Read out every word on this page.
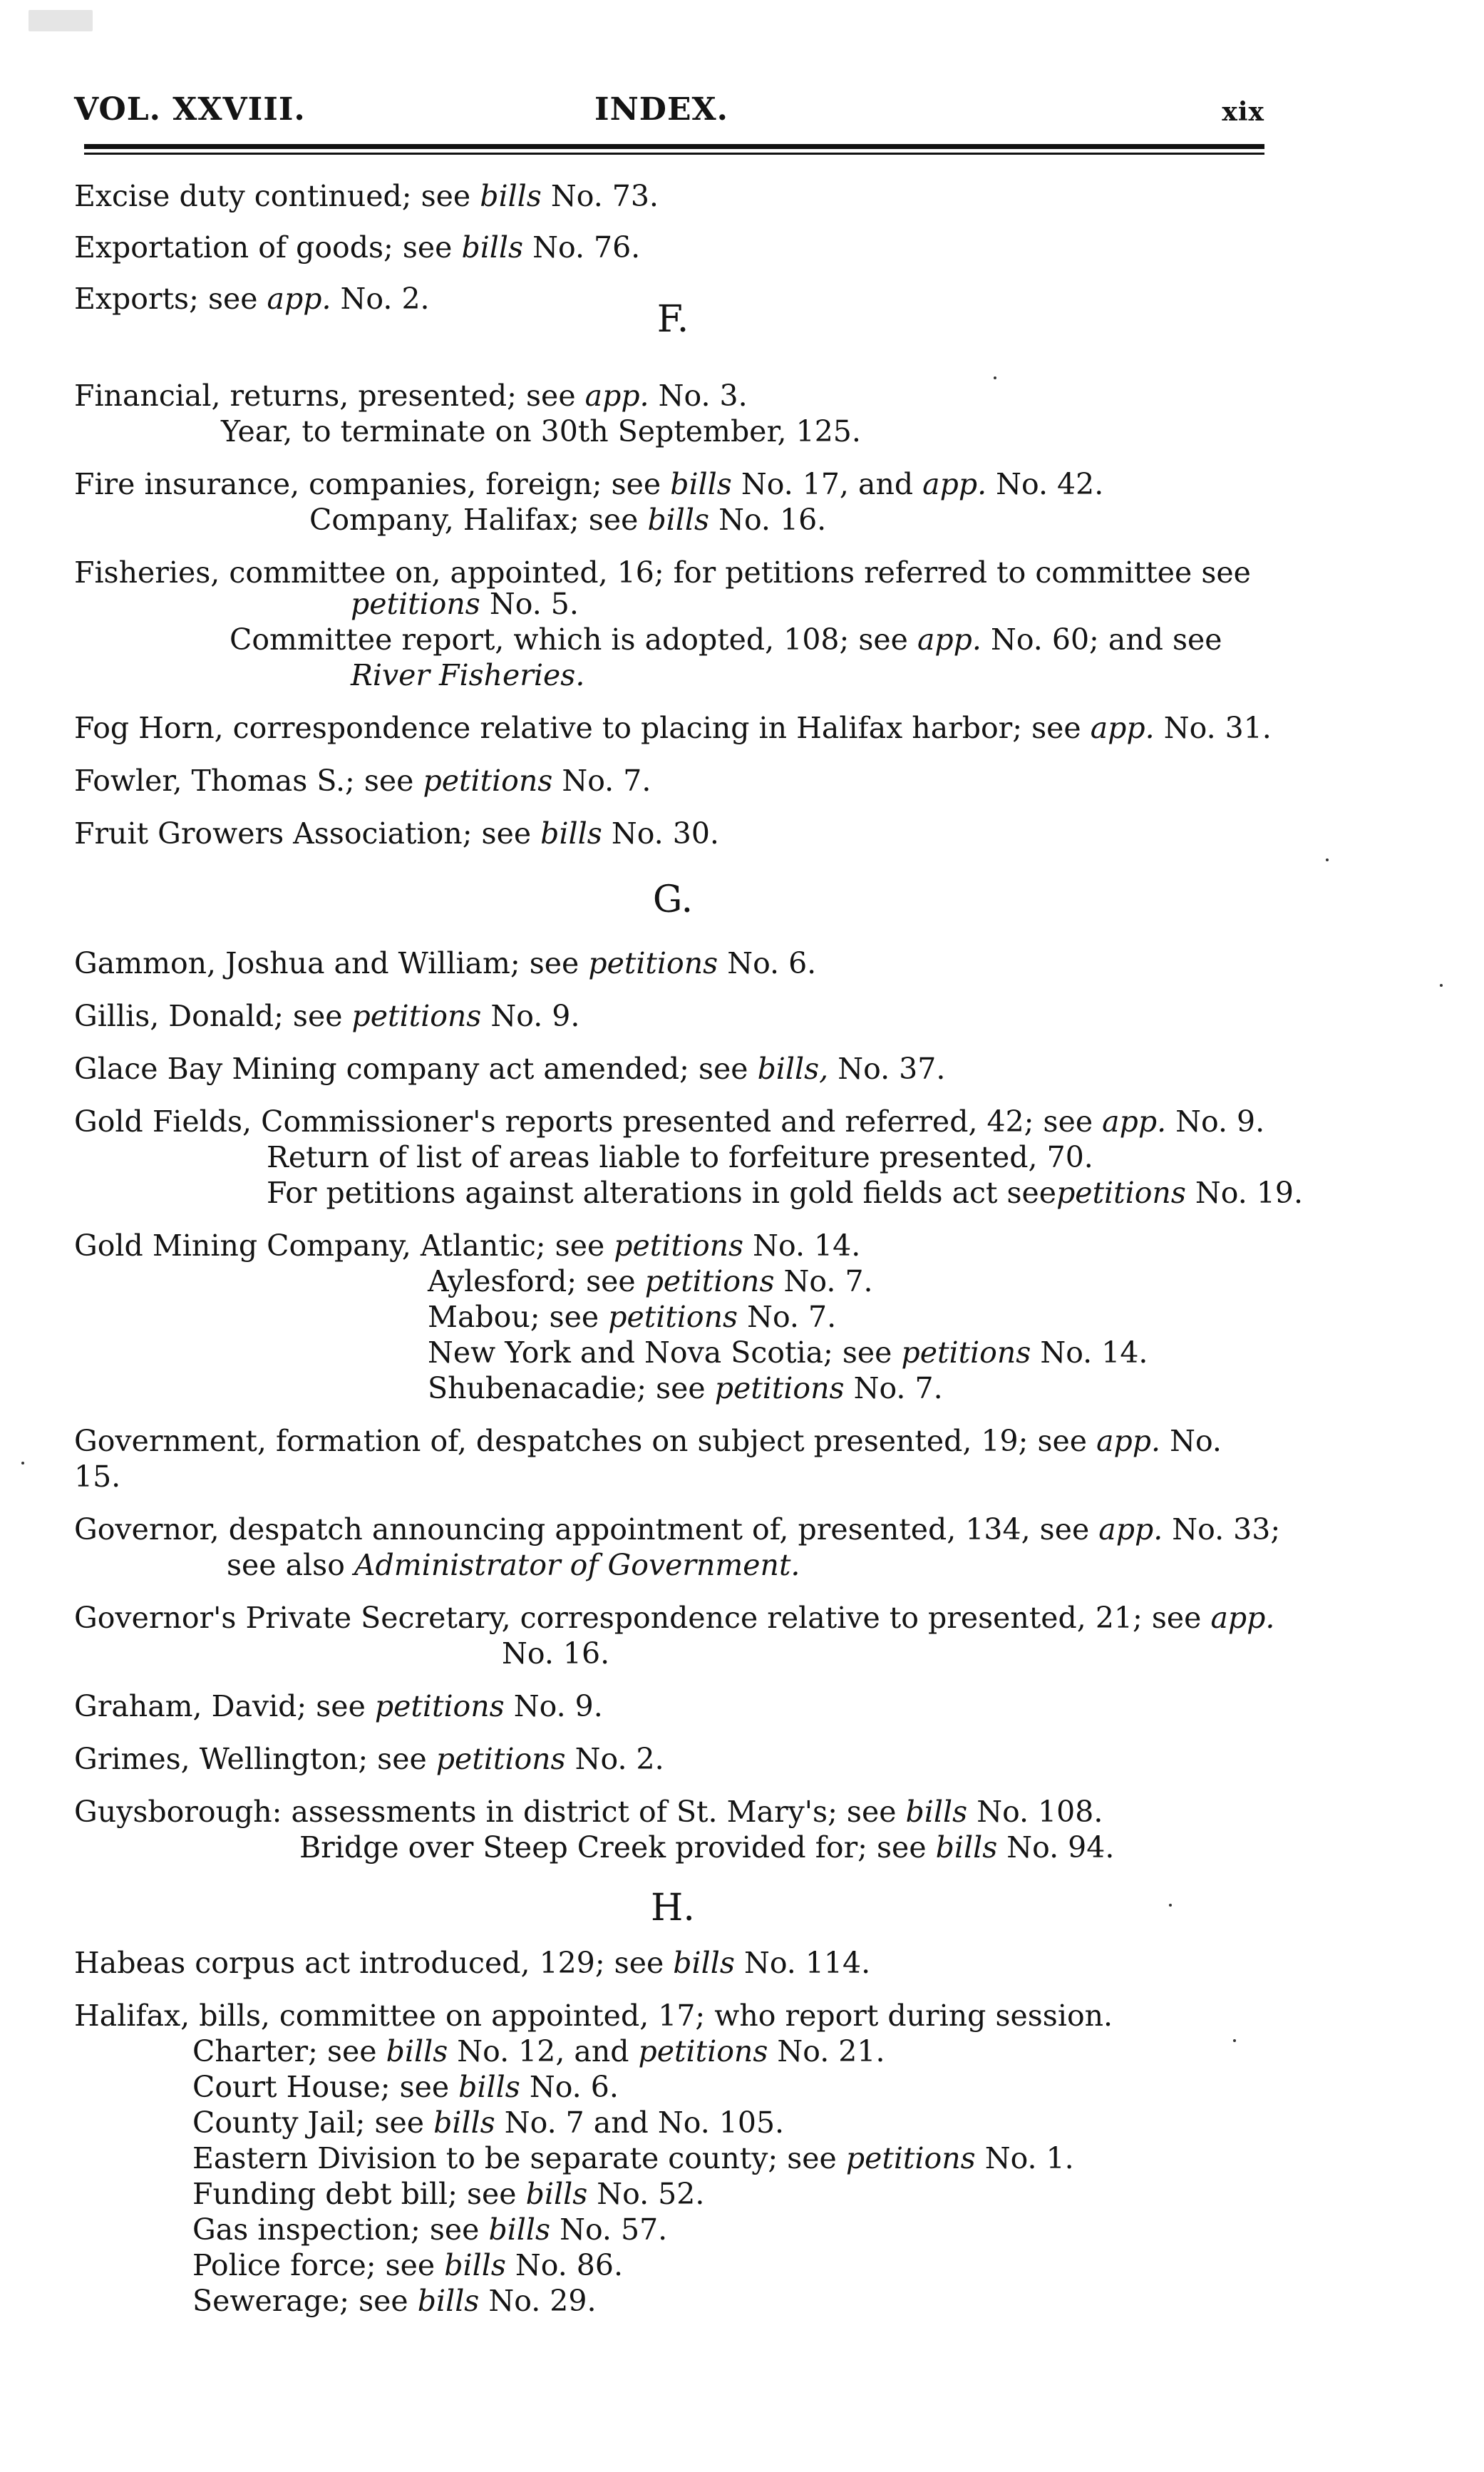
VOL. XXVIII.	INDEX.	xix
Excise duty continued; see bills No. 73.
Exportation of goods; see bills No. 76.
Exports; see app. No. 2.	F.
Financial, returns, presented; see app. No. 3.
Year, to terminate on 30th September, 125.
Fire insurance, companies, foreign; see bills No. 17, and app. No. 42.
Company, Halifax; see bills No. 16.
Fisheries, committee on, appointed, 16; for petitions referred to committee see
petitions No. 5.
Committee report, which is adopted, 108; see app. No. 60; and see
River Fisheries.
Fog Horn, correspondence relative to placing in Halifax harbor; see app. No. 31.
Fowler, Thomas S.; see petitions No. 7.
Fruit Growers Association; see bills No. 30.
G.
Gammon, Joshua and William; see petitions No. 6.
Gillis, Donald; see petitions No. 9.
Glace Bay Mining company act amended; see bills, No. 37.
Gold Fields, Commissioner's reports presented and referred, 42; see app. No. 9.
Return of list of areas liable to forfeiture presented, 70.
For petitions against alterations in gold fields act seepetitions No. 19.
Gold Mining Company, Atlantic; see petitions No. 14.
Aylesford; see petitions No. 7.
Mabou; see petitions No. 7.
New York and Nova Scotia; see petitions No. 14.
Shubenacadie; see petitions No. 7.
Government, formation of, despatches on subject presented, 19; see app. No. 15.
Governor, despatch announcing appointment of, presented, 134, see app. No. 33;
see also Administrator of Government.
Governor's Private Secretary, correspondence relative to presented, 21; see app.
No. 16.
Graham, David; see petitions No. 9.
Grimes, Wellington; see petitions No. 2.
Guysborough: assessments in district of St. Mary's; see bills No. 108.
Bridge over Steep Creek provided for; see bills No. 94.
H.
Habeas corpus act introduced, 129; see bills No. 114.
Halifax, bills, committee on appointed, 17; who report during session.
Charter; see bills No. 12, and petitions No. 21.
Court House; see bills No. 6.
County Jail; see bills No. 7 and No. 105.
Eastern Division to be separate county; see petitions No. 1.
Funding debt bill; see bills No. 52.
Gas inspection; see bills No. 57.
Police force; see bills No. 86.
Sewerage; see bills No. 29.
